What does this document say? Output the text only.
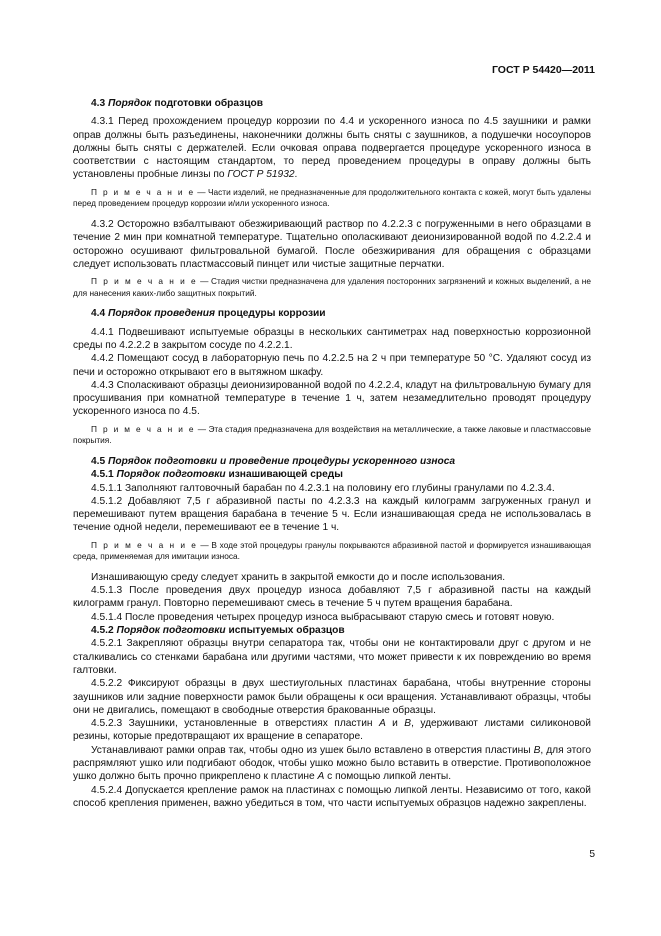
ГОСТ Р 54420—2011

4.3 Порядок подготовки образцов

4.3.1 Перед прохождением процедур коррозии по 4.4 и ускоренного износа по 4.5 заушники и рамки оправ должны быть разъединены, наконечники должны быть сняты с заушников, а подушечки носоупоров должны быть сняты с держателей. Если очковая оправа подвергается процедуре ускоренного износа в соответствии с настоящим стандартом, то перед проведением процедуры в оправу должны быть установлены пробные линзы по ГОСТ Р 51932.

П р и м е ч а н и е — Части изделий, не предназначенные для продолжительного контакта с кожей, могут быть удалены перед проведением процедур коррозии и/или ускоренного износа.

4.3.2 Осторожно взбалтывают обезжиривающий раствор по 4.2.2.3 с погруженными в него образцами в течение 2 мин при комнатной температуре. Тщательно ополаскивают деионизированной водой по 4.2.2.4 и осторожно осушивают фильтровальной бумагой. После обезжиривания для обращения с образцами следует использовать пластмассовый пинцет или чистые защитные перчатки.

П р и м е ч а н и е — Стадия чистки предназначена для удаления посторонних загрязнений и кожных выделений, а не для нанесения каких-либо защитных покрытий.

4.4 Порядок проведения процедуры коррозии

4.4.1 Подвешивают испытуемые образцы в нескольких сантиметрах над поверхностью коррозионной среды по 4.2.2.2 в закрытом сосуде по 4.2.2.1.

4.4.2 Помещают сосуд в лабораторную печь по 4.2.2.5 на 2 ч при температуре 50 °С. Удаляют сосуд из печи и осторожно открывают его в вытяжном шкафу.

4.4.3 Споласкивают образцы деионизированной водой по 4.2.2.4, кладут на фильтровальную бумагу для просушивания при комнатной температуре в течение 1 ч, затем незамедлительно проводят процедуру ускоренного износа по 4.5.

П р и м е ч а н и е — Эта стадия предназначена для воздействия на металлические, а также лаковые и пластмассовые покрытия.

4.5 Порядок подготовки и проведение процедуры ускоренного износа

4.5.1 Порядок подготовки изнашивающей среды

4.5.1.1 Заполняют галтовочный барабан по 4.2.3.1 на половину его глубины гранулами по 4.2.3.4.

4.5.1.2 Добавляют 7,5 г абразивной пасты по 4.2.3.3 на каждый килограмм загруженных гранул и перемешивают путем вращения барабана в течение 5 ч. Если изнашивающая среда не использовалась в течение одной недели, перемешивают ее в течение 1 ч.

П р и м е ч а н и е — В ходе этой процедуры гранулы покрываются абразивной пастой и формируется изнашивающая среда, применяемая для имитации износа.

Изнашивающую среду следует хранить в закрытой емкости до и после использования.

4.5.1.3 После проведения двух процедур износа добавляют 7,5 г абразивной пасты на каждый килограмм гранул. Повторно перемешивают смесь в течение 5 ч путем вращения барабана.

4.5.1.4 После проведения четырех процедур износа выбрасывают старую смесь и готовят новую.

4.5.2 Порядок подготовки испытуемых образцов

4.5.2.1 Закрепляют образцы внутри сепаратора так, чтобы они не контактировали друг с другом и не сталкивались со стенками барабана или другими частями, что может привести к их повреждению во время галтовки.

4.5.2.2 Фиксируют образцы в двух шестиугольных пластинах барабана, чтобы внутренние стороны заушников или задние поверхности рамок были обращены к оси вращения. Устанавливают образцы, чтобы они не двигались, помещают в свободные отверстия бракованные образцы.

4.5.2.3 Заушники, установленные в отверстиях пластин А и В, удерживают листами силиконовой резины, которые предотвращают их вращение в сепараторе.

Устанавливают рамки оправ так, чтобы одно из ушек было вставлено в отверстия пластины В, для этого распрямляют ушко или подгибают ободок, чтобы ушко можно было вставить в отверстие. Противоположное ушко должно быть прочно прикреплено к пластине А с помощью липкой ленты.

4.5.2.4 Допускается крепление рамок на пластинах с помощью липкой ленты. Независимо от того, какой способ крепления применен, важно убедиться в том, что части испытуемых образцов надежно закреплены.

5
